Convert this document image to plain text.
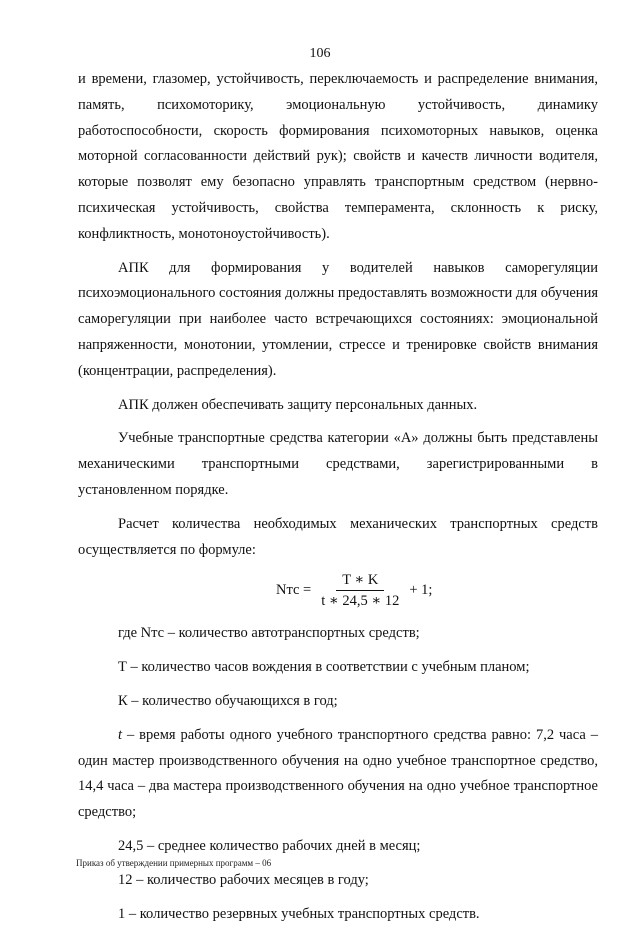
106

и времени, глазомер, устойчивость, переключаемость и распределение внимания, память, психомоторику, эмоциональную устойчивость, динамику работоспособности, скорость формирования психомоторных навыков, оценка моторной согласованности действий рук); свойств и качеств личности водителя, которые позволят ему безопасно управлять транспортным средством (нервно-психическая устойчивость, свойства темперамента, склонность к риску, конфликтность, монотоноустойчивость).

АПК для формирования у водителей навыков саморегуляции психоэмоционального состояния должны предоставлять возможности для обучения саморегуляции при наиболее часто встречающихся состояниях: эмоциональной напряженности, монотонии, утомлении, стрессе и тренировке свойств внимания (концентрации, распределения).

АПК должен обеспечивать защиту персональных данных.

Учебные транспортные средства категории «А» должны быть представлены механическими транспортными средствами, зарегистрированными в установленном порядке.

Расчет количества необходимых механических транспортных средств осуществляется по формуле:

Nтс = $\frac{T ∗ K}{t ∗ 24,5 ∗ 12} + 1$;

где Nтс – количество автотранспортных средств;

Т – количество часов вождения в соответствии с учебным планом;

К – количество обучающихся в год;

t – время работы одного учебного транспортного средства равно: 7,2 часа – один мастер производственного обучения на одно учебное транспортное средство, 14,4 часа – два мастера производственного обучения на одно учебное транспортное средство;

24,5 – среднее количество рабочих дней в месяц;

12 – количество рабочих месяцев в году;

1 – количество резервных учебных транспортных средств.

Приказ об утверждении примерных программ – 06
